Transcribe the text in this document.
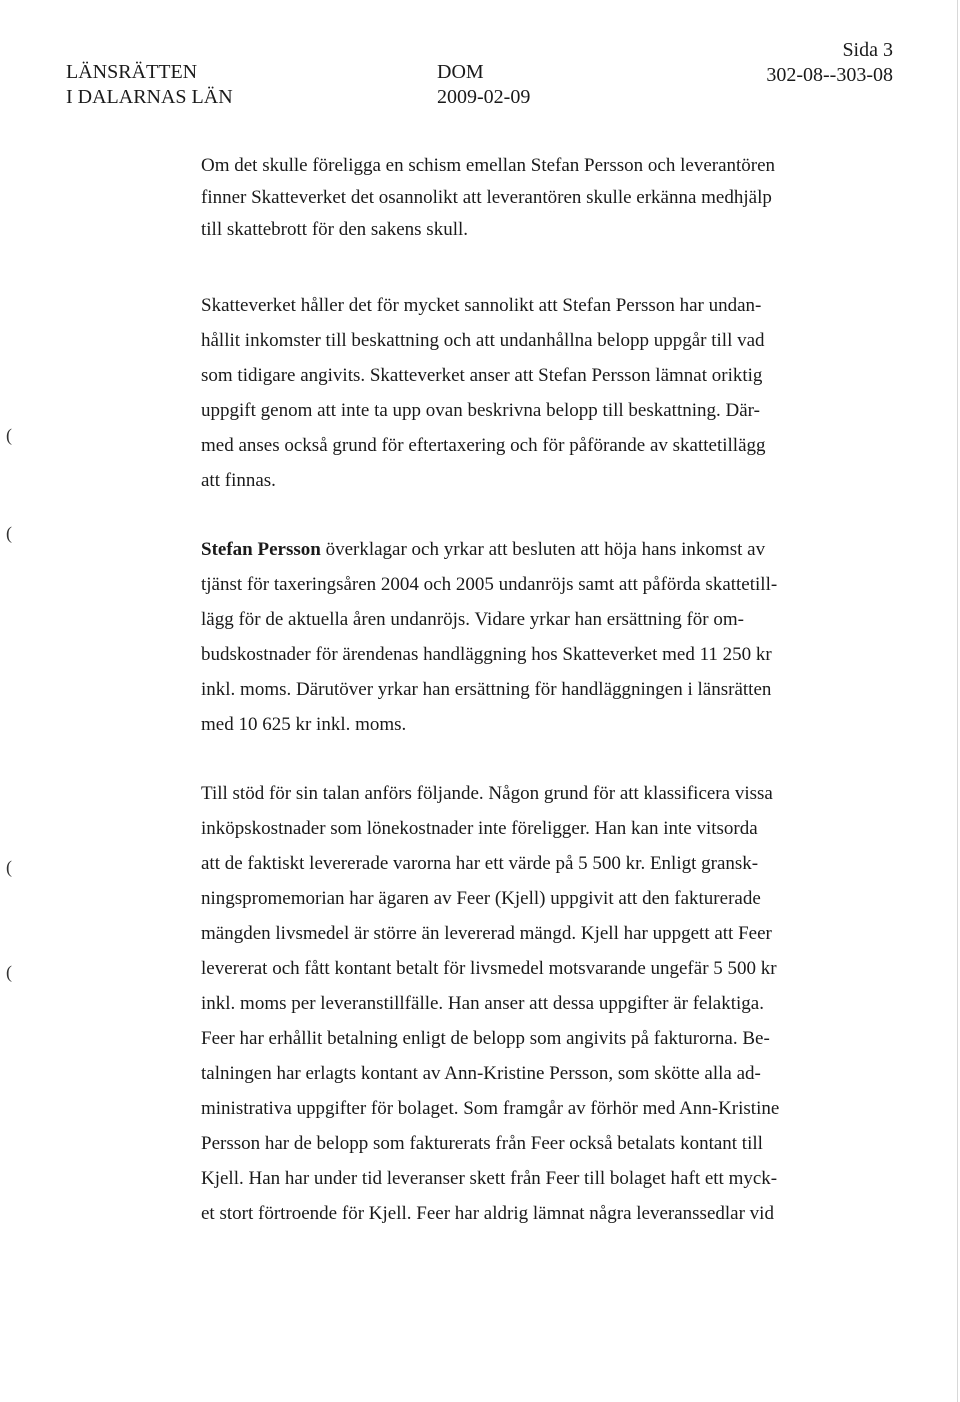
LÄNSRÄTTEN
I DALARNAS LÄN
DOM
2009-02-09
Sida 3
302-08--303-08
(
(
(
(
Om det skulle föreligga en schism emellan Stefan Persson och leverantören
finner Skatteverket det osannolikt att leverantören skulle erkänna medhjälp
till skattebrott för den sakens skull.
Skatteverket håller det för mycket sannolikt att Stefan Persson har undan-
hållit inkomster till beskattning och att undanhållna belopp uppgår till vad
som tidigare angivits. Skatteverket anser att Stefan Persson lämnat oriktig
uppgift genom att inte ta upp ovan beskrivna belopp till beskattning. Där-
med anses också grund för eftertaxering och för påförande av skattetillägg
att finnas.
Stefan Persson överklagar och yrkar att besluten att höja hans inkomst av
tjänst för taxeringsåren 2004 och 2005 undanröjs samt att påförda skattetill-
lägg för de aktuella åren undanröjs. Vidare yrkar han ersättning för om-
budskostnader för ärendenas handläggning hos Skatteverket med 11 250 kr
inkl. moms. Därutöver yrkar han ersättning för handläggningen i länsrätten
med 10 625 kr inkl. moms.
Till stöd för sin talan anförs följande. Någon grund för att klassificera vissa
inköpskostnader som lönekostnader inte föreligger. Han kan inte vitsorda
att de faktiskt levererade varorna har ett värde på 5 500 kr. Enligt gransk-
ningspromemorian har ägaren av Feer (Kjell) uppgivit att den fakturerade
mängden livsmedel är större än levererad mängd. Kjell har uppgett att Feer
levererat och fått kontant betalt för livsmedel motsvarande ungefär 5 500 kr
inkl. moms per leveranstillfälle. Han anser att dessa uppgifter är felaktiga.
Feer har erhållit betalning enligt de belopp som angivits på fakturorna. Be-
talningen har erlagts kontant av Ann-Kristine Persson, som skötte alla ad-
ministrativa uppgifter för bolaget. Som framgår av förhör med Ann-Kristine
Persson har de belopp som fakturerats från Feer också betalats kontant till
Kjell. Han har under tid leveranser skett från Feer till bolaget haft ett myck-
et stort förtroende för Kjell. Feer har aldrig lämnat några leveranssedlar vid
